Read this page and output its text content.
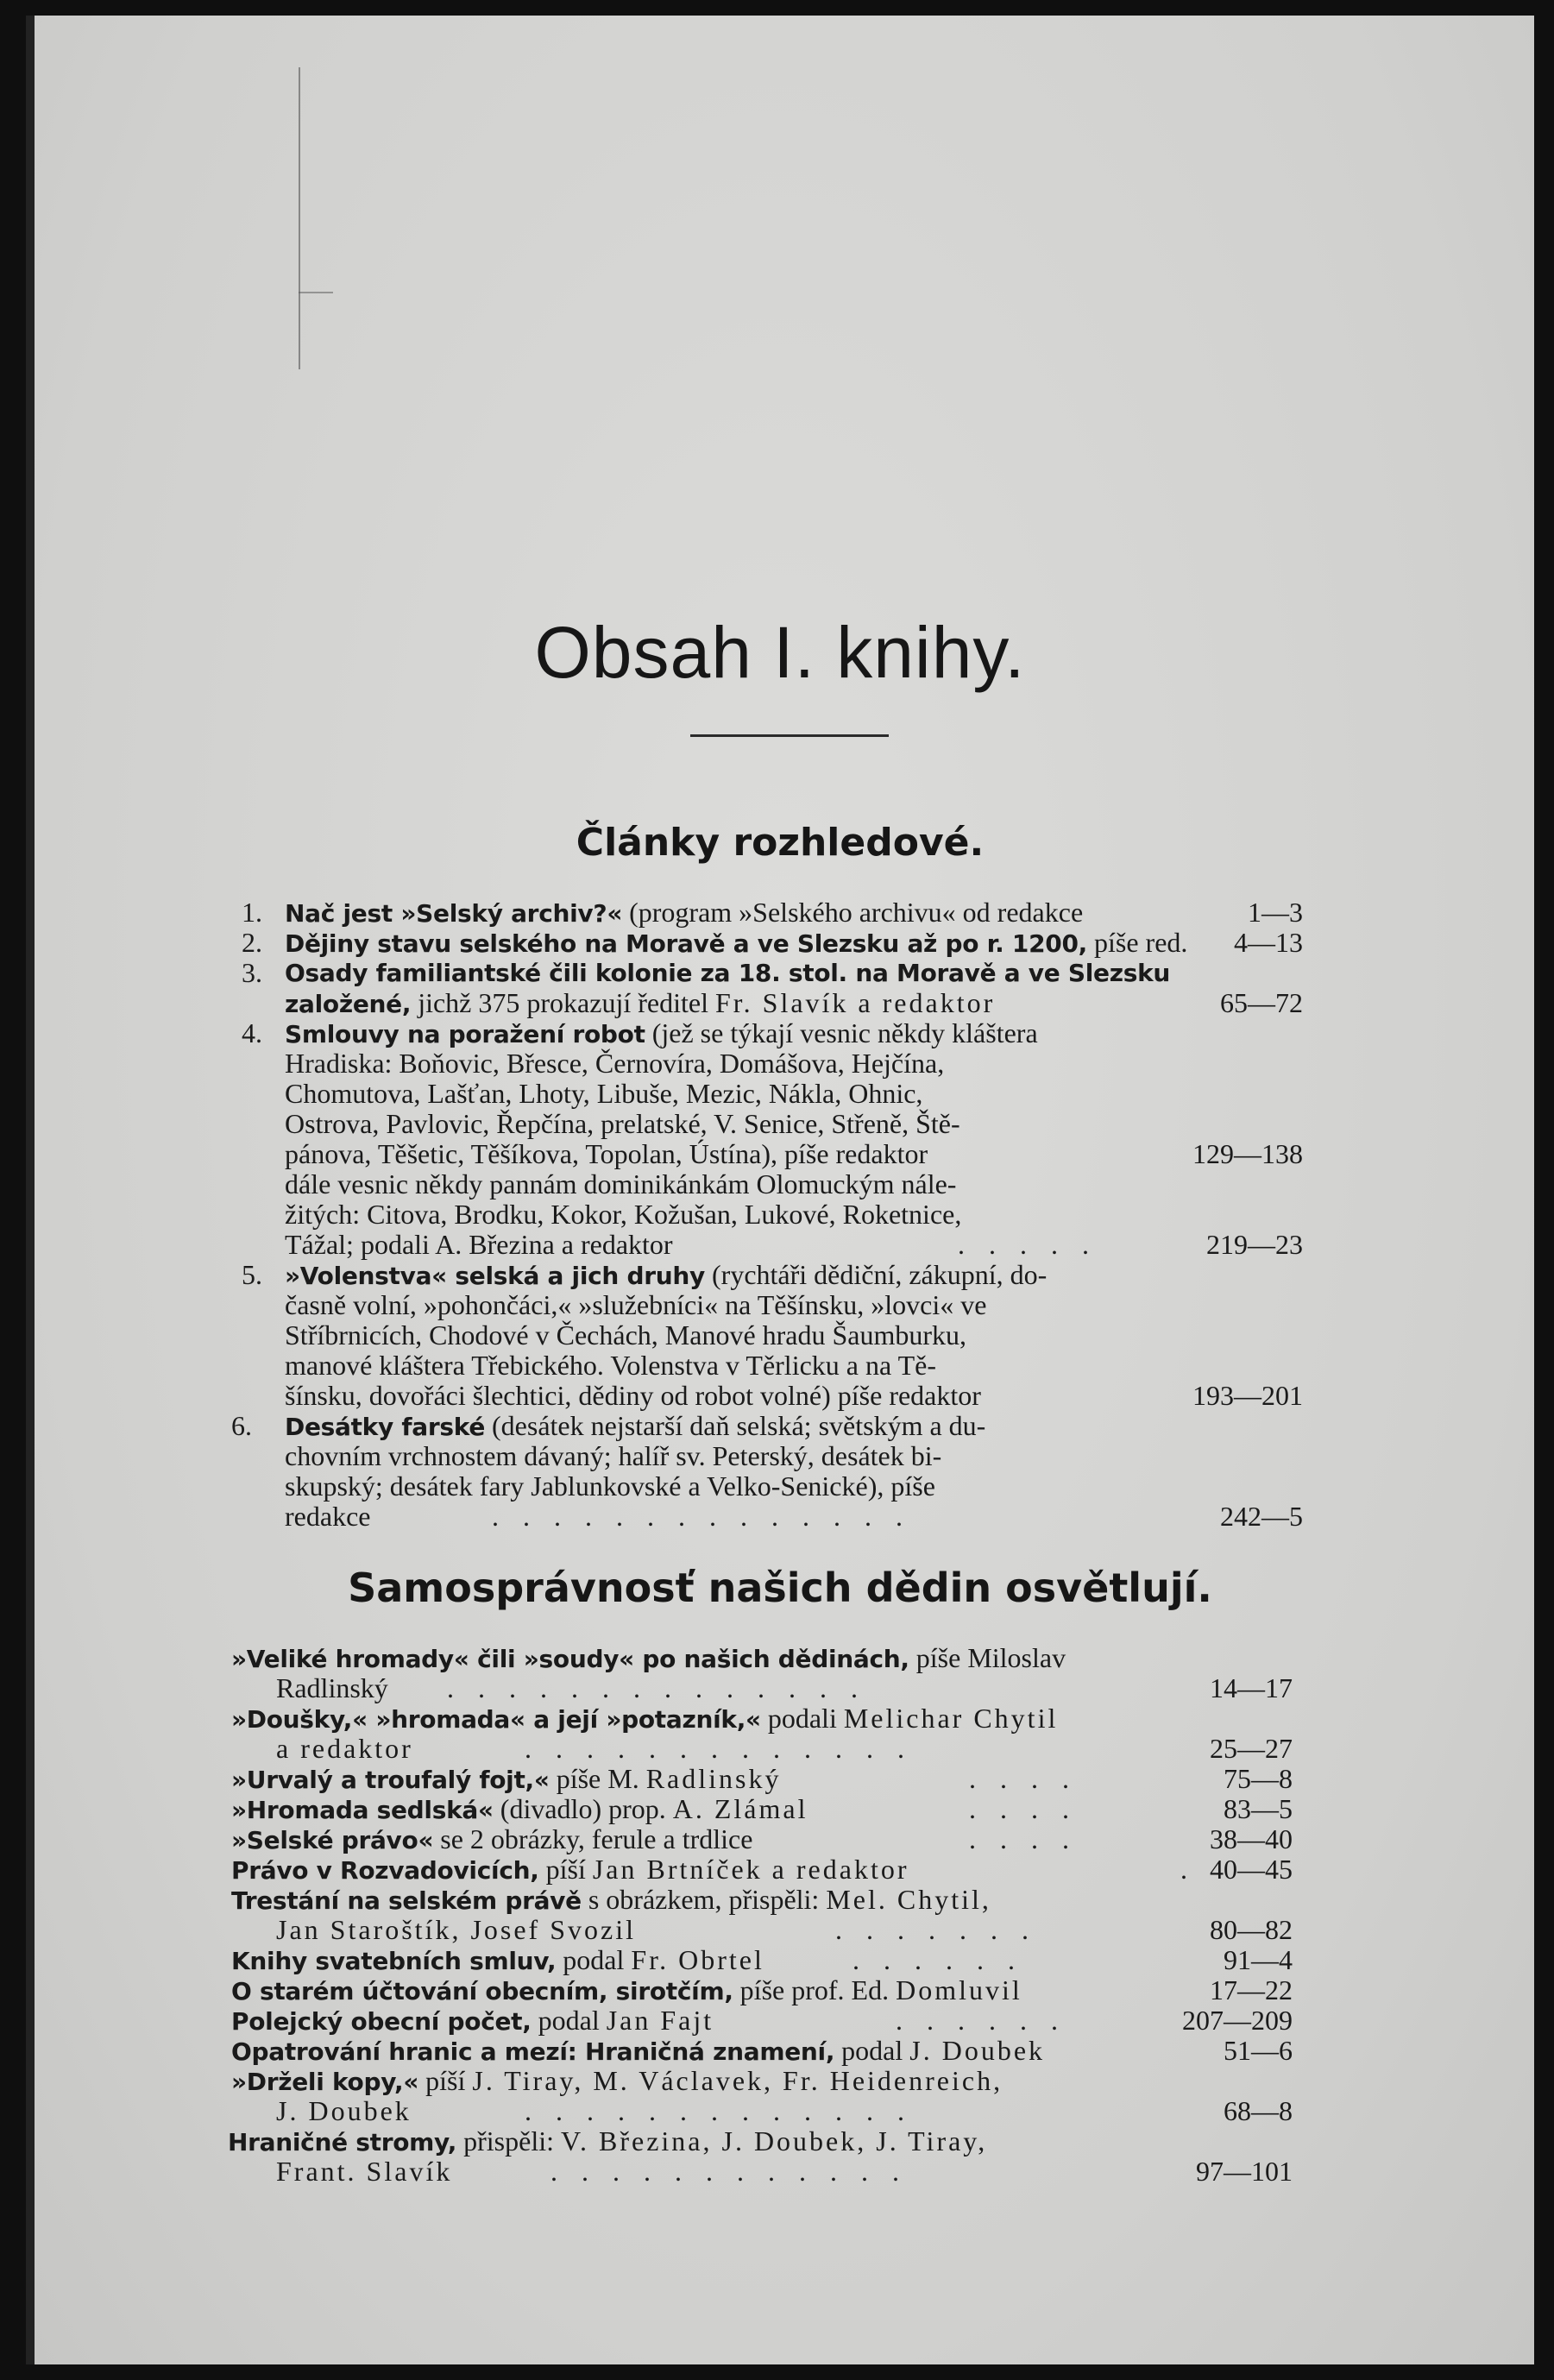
Obsah I. knihy.
Články rozhledové.
1. Nač jest »Selský archiv?« (program »Selského archivu« od redakce	1—3
2. Dějiny stavu selského na Moravě a ve Slezsku až po r. 1200, píše red. 4—13
3. Osady familiantské čili kolonie za 18. stol. na Moravě a ve Slezsku
založené, jichž 375 prokazují ředitel Fr. Slavík a redaktor	65—72
4. Smlouvy na poražení robot (jež se týkají vesnic někdy kláštera
Hradiska: Boňovic, Břesce, Černovíra, Domášova, Hejčína,
Chomutova, Lašťan, Lhoty, Libuše, Mezic, Nákla, Ohnic,
Ostrova, Pavlovic, Řepčína, prelatské, V. Senice, Střeně, Ště-
pánova, Těšetic, Těšíkova, Topolan, Ústína), píše redaktor	129—138
dále vesnic někdy pannám dominikánkám Olomuckým nále-
žitých: Citova, Brodku, Kokor, Kožušan, Lukové, Roketnice,
Tážal; podali A. Březina a redaktor	. . . . .	219—23
5. »Volenstva« selská a jich druhy (rychtáři dědiční, zákupní, do-
časně volní, »pohončáci,« »služebníci« na Těšínsku, »lovci« ve
Stříbrnicích, Chodové v Čechách, Manové hradu Šaumburku,
manové kláštera Třebického. Volenstva v Těrlicku a na Tě-
šínsku, dovořáci šlechtici, dědiny od robot volné) píše redaktor	193—201
6. Desátky farské (desátek nejstarší daň selská; světským a du-
chovním vrchnostem dávaný; halíř sv. Peterský, desátek bi-
skupský; desátek fary Jablunkovské a Velko-Senické), píše
redakce	. . . . . . . . . . . . . .	242—5
Samosprávnosť našich dědin osvětlují.
»Veliké hromady« čili »soudy« po našich dědinách, píše Miloslav
Radlinský . . . . . . . . . . . . . .	14—17
»Doušky,« »hromada« a její »potazník,« podali Melichar Chytil
a redaktor	. . . . . . . . . . . . .	25—27
»Urvalý a troufalý fojt,« píše M. Radlinský	. . . .	75—8
»Hromada sedlská« (divadlo) prop. A. Zlámal	. . . .	83—5
»Selské právo« se 2 obrázky, ferule a trdlice	. . . .	38—40
Právo v Rozvadovicích, píší Jan Brtníček a redaktor	. 40—45
Trestání na selském právě s obrázkem, přispěli: Mel. Chytil,
Jan Staroštík, Josef Svozil	. . . . . . .	80—82
Knihy svatebních smluv, podal Fr. Obrtel	. . . . . .	91—4
O starém účtování obecním, sirotčím, píše prof. Ed. Domluvil	17—22
Polejcký obecní počet, podal Jan Fajt	. . . . . .	207—209
Opatrování hranic a mezí: Hraničná znamení, podal J. Doubek	51—6
»Drželi kopy,« píší J. Tiray, M. Václavek, Fr. Heidenreich,
J. Doubek	. . . . . . . . . . . . .	68—8
Hraničné stromy, přispěli: V. Březina, J. Doubek, J. Tiray,
Frant. Slavík	. . . . . . . . . . . .	97—101
